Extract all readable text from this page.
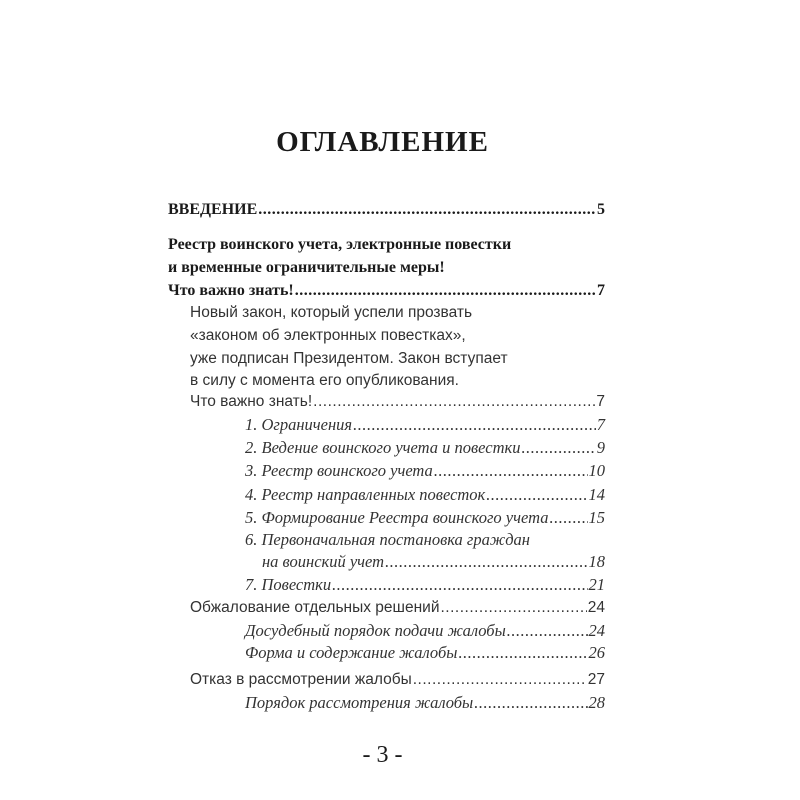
ОГЛАВЛЕНИЕ
ВВЕДЕНИЕ .....	5
Реестр воинского учета, электронные повестки
и временные ограничительные меры!
Что важно знать! .....	7
Новый закон, который успели прозвать
«законом об электронных повестках»,
уже подписан Президентом. Закон вступает
в силу с момента его опубликования.
Что важно знать! .....	7
1. Ограничения .....	7
2. Ведение воинского учета и повестки .....	9
3. Реестр воинского учета .....	10
4. Реестр направленных повесток .....	14
5. Формирование Реестра воинского учета ..... 15
6. Первоначальная постановка граждан
на воинский учет .....	18
7. Повестки .....	21
Обжалование отдельных решений .....	24
Досудебный порядок подачи жалобы .....	24
Форма и содержание жалобы .....	26
Отказ в рассмотрении жалобы .....	27
Порядок рассмотрения жалобы .....	28
- 3 -
